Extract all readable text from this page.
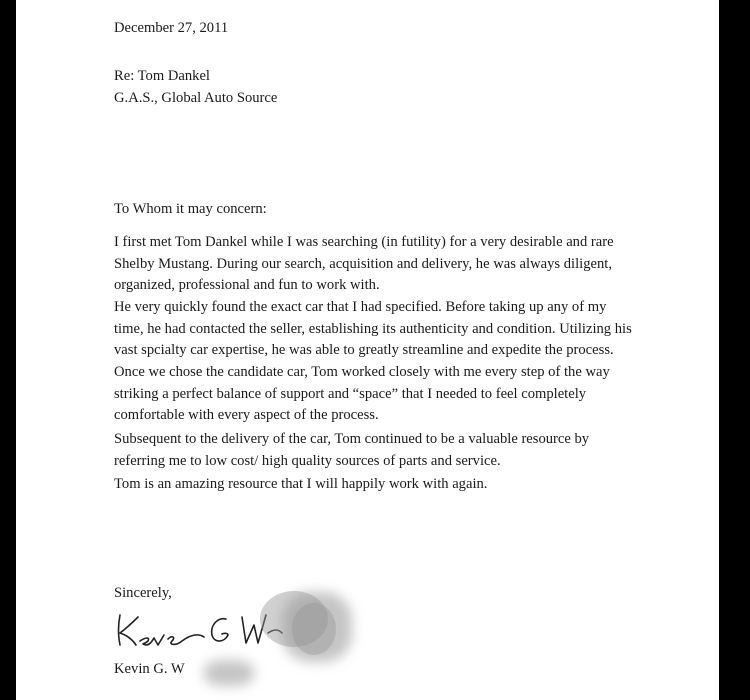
December 27, 2011

Re: Tom Dankel
G.A.S., Global Auto Source

To Whom it may concern:

I first met Tom Dankel while I was searching (in futility) for a very desirable and rare
Shelby Mustang. During our search, acquisition and delivery, he was always diligent,
organized, professional and fun to work with.
He very quickly found the exact car that I had specified. Before taking up any of my
time, he had contacted the seller, establishing its authenticity and condition. Utilizing his
vast spcialty car expertise, he was able to greatly streamline and expedite the process.
Once we chose the candidate car, Tom worked closely with me every step of the way
striking a perfect balance of support and “space” that I needed to feel completely
comfortable with every aspect of the process.
Subsequent to the delivery of the car, Tom continued to be a valuable resource by
referring me to low cost/ high quality sources of parts and service.
Tom is an amazing resource that I will happily work with again.

Sincerely,

Kevin G. W
